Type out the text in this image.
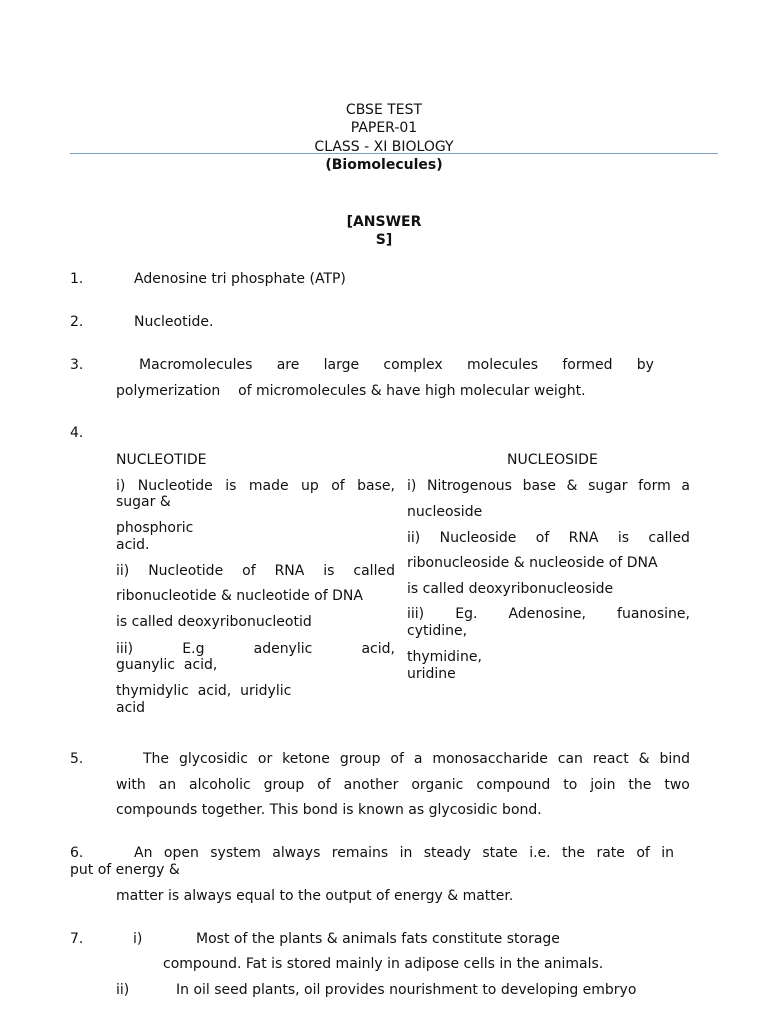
CBSE TEST
PAPER-01
CLASS - XI BIOLOGY
(Biomolecules)
[ANSWER
S]
1.	Adenosine tri phosphate (ATP)
2.	Nucleotide.
3.	Macromolecules are large complex molecules formed by
polymerization    of micromolecules & have high molecular weight.
4.
NUCLEOTIDE	NUCLEOSIDE
i) Nucleotide is made up of base,
sugar &
phosphoric
acid.
ii) Nucleotide of RNA is called
ribonucleotide & nucleotide of DNA
is called deoxyribonucleotid
iii)	E.g	adenylic	acid,
guanylic  acid,
thymidylic  acid,  uridylic
acid
i) Nitrogenous base & sugar form a
nucleoside
ii) Nucleoside of RNA is called
ribonucleoside & nucleoside of DNA
is called deoxyribonucleoside
iii) Eg. Adenosine, fuanosine,
cytidine,
thymidine,
uridine
5.	The glycosidic or ketone group of a monosaccharide can react & bind
with an alcoholic group of another organic compound to join the two
compounds together. This bond is known as glycosidic bond.
6.	An open system always remains in steady state i.e. the rate of in
put of energy &
matter is always equal to the output of energy & matter.
7.	i)	Most of the plants & animals fats constitute storage
compound. Fat is stored mainly in adipose cells in the animals.
ii)	In oil seed plants, oil provides nourishment to developing embryo
